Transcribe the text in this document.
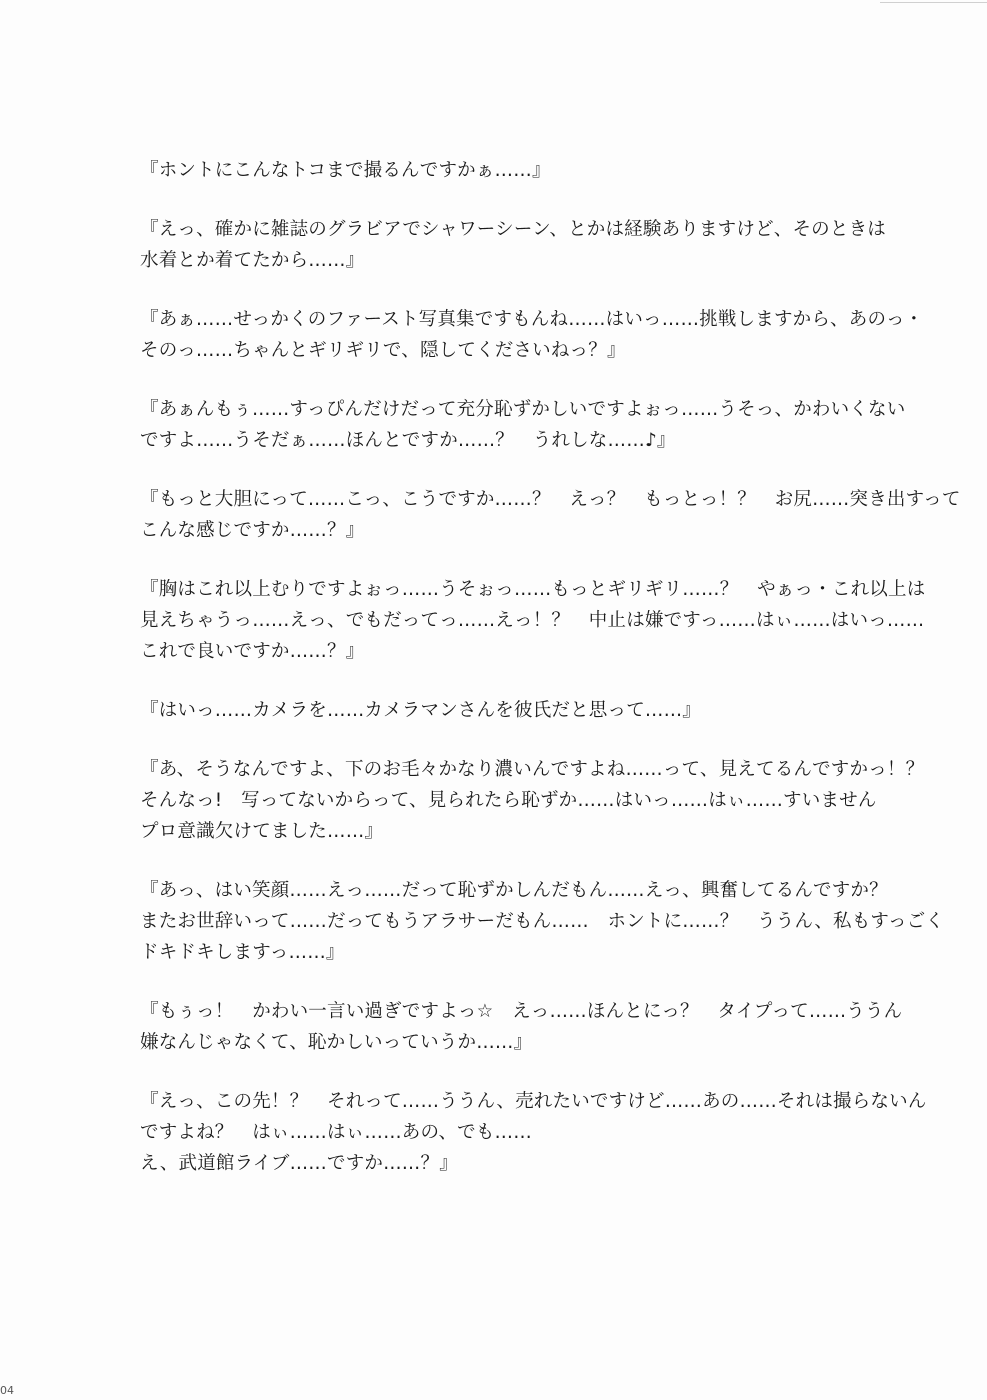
『ホントにこんなトコまで撮るんですかぁ……』
『えっ、確かに雑誌のグラビアでシャワーシーン、とかは経験ありますけど、そのときは
水着とか着てたから……』
『あぁ……せっかくのファースト写真集ですもんね……はいっ……挑戦しますから、あのっ・
そのっ……ちゃんとギリギリで、隠してくださいねっ？』
『あぁんもぅ……すっぴんだけだって充分恥ずかしいですよぉっ……うそっ、かわいくない
ですよ……うそだぁ……ほんとですか……？　うれしな……♪』
『もっと大胆にって……こっ、こうですか……？　えっ？　もっとっ！？　お尻……突き出すって
こんな感じですか……？』
『胸はこれ以上むりですよぉっ……うそぉっ……もっとギリギリ……？　やぁっ・これ以上は
見えちゃうっ……えっ、でもだってっ……えっ！？　中止は嫌ですっ……はぃ……はいっ……
これで良いですか……？』
『はいっ……カメラを……カメラマンさんを彼氏だと思って……』
『あ、そうなんですよ、下のお毛々かなり濃いんですよね……って、見えてるんですかっ！？
そんなっ!　写ってないからって、見られたら恥ずか……はいっ……はぃ……すいません
プロ意識欠けてました……』
『あっ、はい笑顔……えっ……だって恥ずかしんだもん……えっ、興奮してるんですか？
またお世辞いって……だってもうアラサーだもん……　ホントに……？　ううん、私もすっごく
ドキドキしますっ……』
『もぅっ！　かわい一言い過ぎですよっ☆　えっ……ほんとにっ？　タイプって……ううん
嫌なんじゃなくて、恥かしいっていうか……』
『えっ、この先！？　それって……ううん、売れたいですけど……あの……それは撮らないん
ですよね？　はぃ……はぃ……あの、でも……
え、武道館ライブ……ですか……？』
04
